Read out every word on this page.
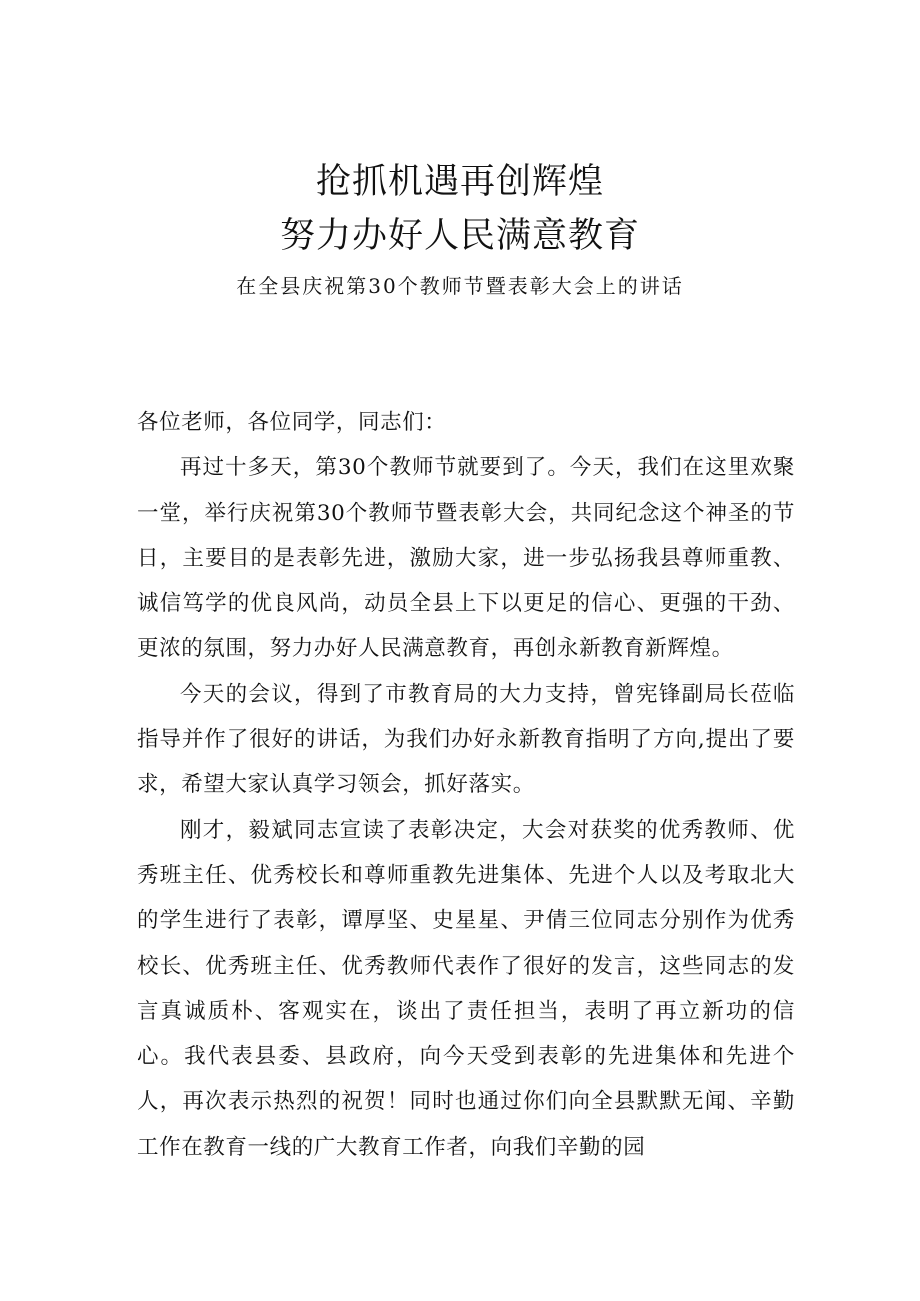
抢抓机遇再创辉煌
努力办好人民满意教育

在全县庆祝第30个教师节暨表彰大会上的讲话

各位老师，各位同学，同志们：

再过十多天，第30个教师节就要到了。今天，我们在这里欢聚一堂，举行庆祝第30个教师节暨表彰大会，共同纪念这个神圣的节日，主要目的是表彰先进，激励大家，进一步弘扬我县尊师重教、诚信笃学的优良风尚，动员全县上下以更足的信心、更强的干劲、更浓的氛围，努力办好人民满意教育，再创永新教育新辉煌。

今天的会议，得到了市教育局的大力支持，曾宪锋副局长莅临指导并作了很好的讲话，为我们办好永新教育指明了方向,提出了要求，希望大家认真学习领会，抓好落实。

刚才，毅斌同志宣读了表彰决定，大会对获奖的优秀教师、优秀班主任、优秀校长和尊师重教先进集体、先进个人以及考取北大的学生进行了表彰，谭厚坚、史星星、尹倩三位同志分别作为优秀校长、优秀班主任、优秀教师代表作了很好的发言，这些同志的发言真诚质朴、客观实在，谈出了责任担当，表明了再立新功的信心。我代表县委、县政府，向今天受到表彰的先进集体和先进个人，再次表示热烈的祝贺！同时也通过你们向全县默默无闻、辛勤工作在教育一线的广大教育工作者，向我们辛勤的园
